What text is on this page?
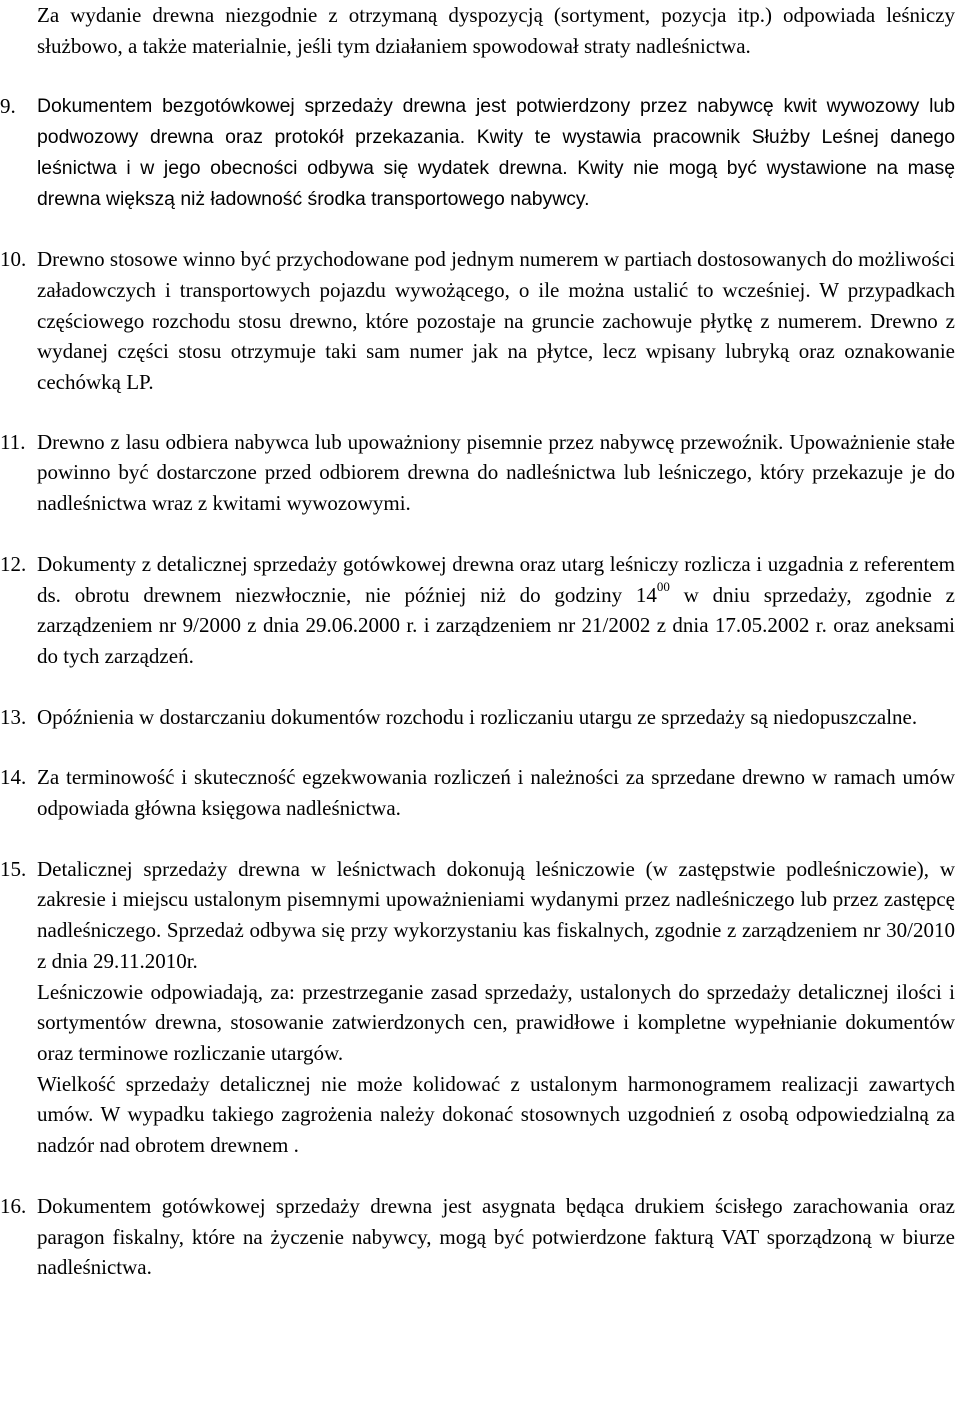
Za wydanie drewna niezgodnie z otrzymaną dyspozycją (sortyment, pozycja itp.) odpowiada leśniczy służbowo, a także materialnie, jeśli tym działaniem spowodował straty nadleśnictwa.

9.	Dokumentem bezgotówkowej sprzedaży drewna jest potwierdzony przez nabywcę kwit wywozowy lub podwozowy drewna oraz protokół przekazania. Kwity te wystawia pracownik Służby Leśnej danego leśnictwa i w jego obecności odbywa się wydatek drewna. Kwity nie mogą być wystawione na masę drewna większą niż ładowność środka transportowego nabywcy.

10. Drewno stosowe winno być przychodowane pod jednym numerem w partiach dostosowanych do możliwości załadowczych i transportowych pojazdu wywożącego, o ile można ustalić to wcześniej. W przypadkach częściowego rozchodu stosu drewno, które pozostaje na gruncie zachowuje płytkę z numerem. Drewno z wydanej części stosu otrzymuje taki sam numer jak na płytce, lecz wpisany lubryką oraz oznakowanie cechówką LP.

11. Drewno z lasu odbiera nabywca lub upoważniony pisemnie przez nabywcę przewoźnik. Upoważnienie stałe powinno być dostarczone przed odbiorem drewna do nadleśnictwa lub leśniczego, który przekazuje je do nadleśnictwa wraz z kwitami wywozowymi.

12. Dokumenty z detalicznej sprzedaży gotówkowej drewna oraz utarg leśniczy rozlicza i uzgadnia z referentem ds. obrotu drewnem niezwłocznie, nie później niż do godziny $14^{00}$ w dniu sprzedaży, zgodnie z zarządzeniem nr 9/2000 z dnia 29.06.2000 r. i zarządzeniem nr 21/2002 z dnia 17.05.2002 r. oraz aneksami do tych zarządzeń.

13. Opóźnienia w dostarczaniu dokumentów rozchodu i rozliczaniu utargu ze sprzedaży są niedopuszczalne.

14. Za terminowość i skuteczność egzekwowania rozliczeń i należności za sprzedane drewno w ramach umów odpowiada główna księgowa nadleśnictwa.

15. Detalicznej sprzedaży drewna w leśnictwach dokonują leśniczowie (w zastępstwie podleśniczowie), w zakresie i miejscu ustalonym pisemnymi upoważnieniami wydanymi przez nadleśniczego lub przez zastępcę nadleśniczego. Sprzedaż odbywa się przy wykorzystaniu kas fiskalnych, zgodnie z zarządzeniem nr 30/2010 z dnia 29.11.2010r.

Leśniczowie odpowiadają, za: przestrzeganie zasad sprzedaży, ustalonych do sprzedaży detalicznej ilości i sortymentów drewna, stosowanie zatwierdzonych cen, prawidłowe i kompletne wypełnianie dokumentów oraz terminowe rozliczanie utargów.

Wielkość sprzedaży detalicznej nie może kolidować z ustalonym harmonogramem realizacji zawartych umów. W wypadku takiego zagrożenia należy dokonać stosownych uzgodnień z osobą odpowiedzialną za nadzór nad obrotem drewnem .

16. Dokumentem gotówkowej sprzedaży drewna jest asygnata będąca drukiem ścisłego zarachowania oraz paragon fiskalny, które na życzenie nabywcy, mogą być potwierdzone fakturą VAT sporządzoną w biurze nadleśnictwa.
